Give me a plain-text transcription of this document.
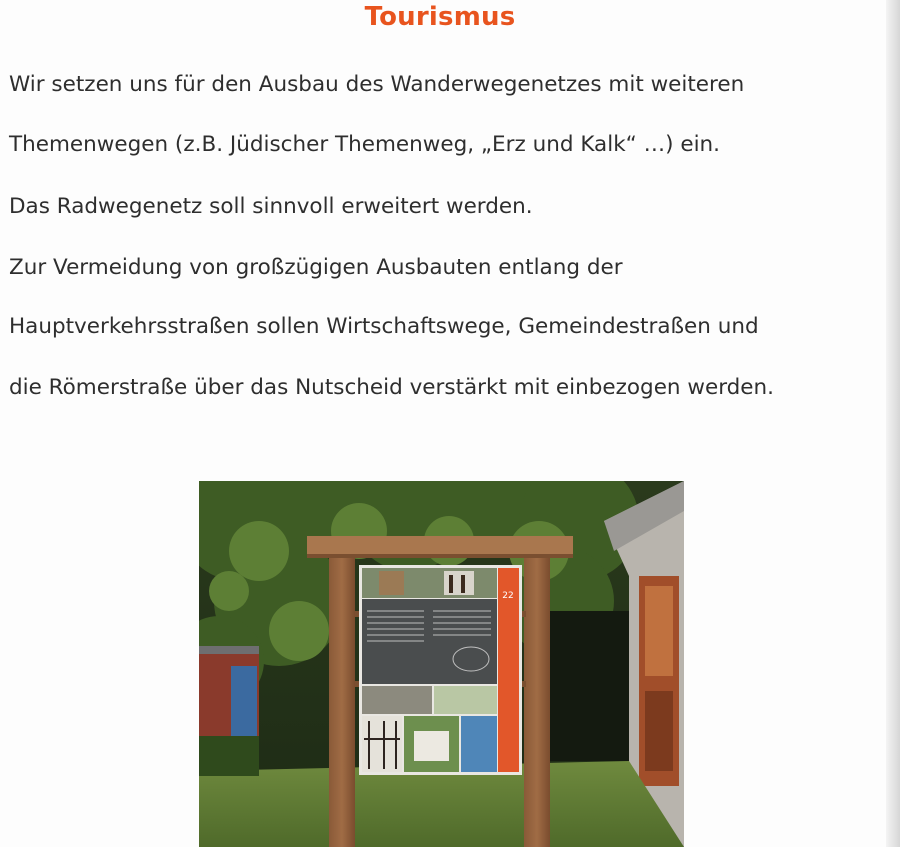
Tourismus

Wir setzen uns für den Ausbau des Wanderwegenetzes mit weiteren

Themenwegen (z.B. Jüdischer Themenweg, „Erz und Kalk“ …) ein.

Das Radwegenetz soll sinnvoll erweitert werden.

Zur Vermeidung von großzügigen Ausbauten entlang der

Hauptverkehrsstraßen sollen Wirtschaftswege, Gemeindestraßen und

die Römerstraße über das Nutscheid verstärkt mit einbezogen werden.

22
